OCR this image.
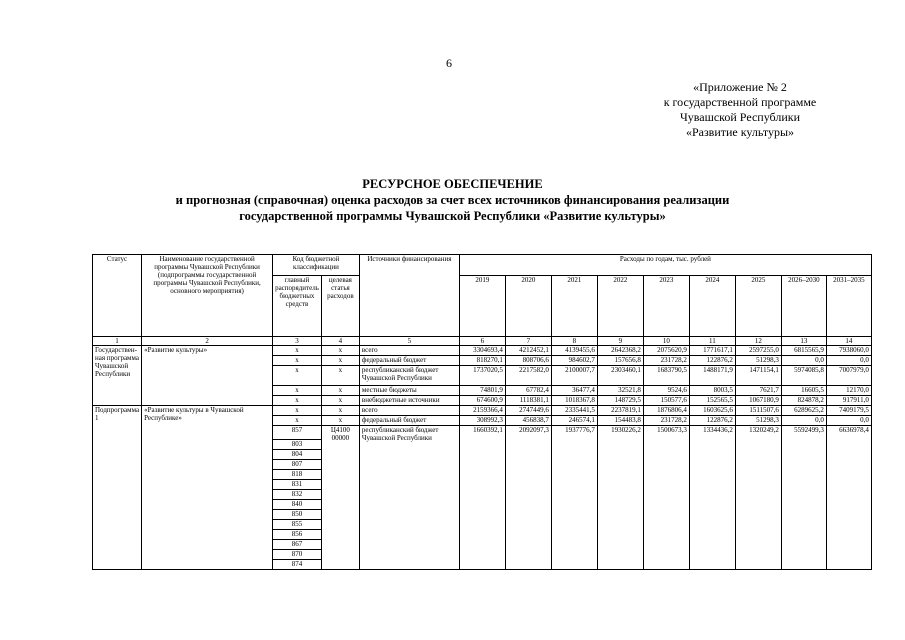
6
«Приложение № 2
к государственной программе
Чувашской Республики
«Развитие культуры»
РЕСУРСНОЕ ОБЕСПЕЧЕНИЕ
и прогнозная (справочная) оценка расходов за счет всех источников финансирования реализации
государственной программы Чувашской Республики «Развитие культуры»
Статус	Наименование государственной программы Чувашской Республики (подпрограммы государственной программы Чувашской Республики, основного мероприятия)	Код бюджетной классификации		Источники финансирования	Расходы по годам, тыс. рублей								
		главный распорядитель бюджетных средств	целевая статья расходов		2019	2020	2021	2022	2023	2024	2025	2026–2030	2031–2035
1	2	3	4	5	6	7	8	9	10	11	12	13	14
Государствен-ная программа Чувашской Республики	«Развитие культуры»	x	x	всего	3304693,4	4212452,1	4139455,6	2642368,2	2075620,9	1771617,1	2597255,0	6815565,9	7938060,0
		x	x	федеральный бюджет	818270,1	808706,6	984602,7	157656,8	231728,2	122876,2	51298,3	0,0	0,0
		x	x	республиканский бюджет Чувашской Республики	1737020,5	2217582,0	2100007,7	2303460,1	1683790,5	1488171,9	1471154,1	5974085,8	7007979,0
		x	x	местные бюджеты	74801,9	67782,4	36477,4	32521,8	9524,6	8003,5	7621,7	16605,5	12170,0
		x	x	внебюджетные источники	674600,9	1118381,1	1018367,8	148729,5	150577,6	152565,5	1067180,9	824878,2	917911,0
Подпрограмма 1	«Развитие культуры в Чувашской Республике»	x	x	всего	2159366,4	2747449,6	2335441,5	2237819,1	1876806,4	1603625,6	1511507,6	6289625,2	7409179,5
		x	x	федеральный бюджет	308992,3	456838,7	246574,1	154483,8	231728,2	122876,2	51298,3	0,0	0,0
		857	Ц4100 00000	республиканский бюджет Чувашской Республики	1660392,1	2092097,3	1937776,7	1930226,2	1500673,3	1334436,2	1320249,2	5592499,3	6636978,4
		803											
		804											
		807											
		818											
		831											
		832											
		840											
		850											
		855											
		856											
		867											
		870											
		874											
